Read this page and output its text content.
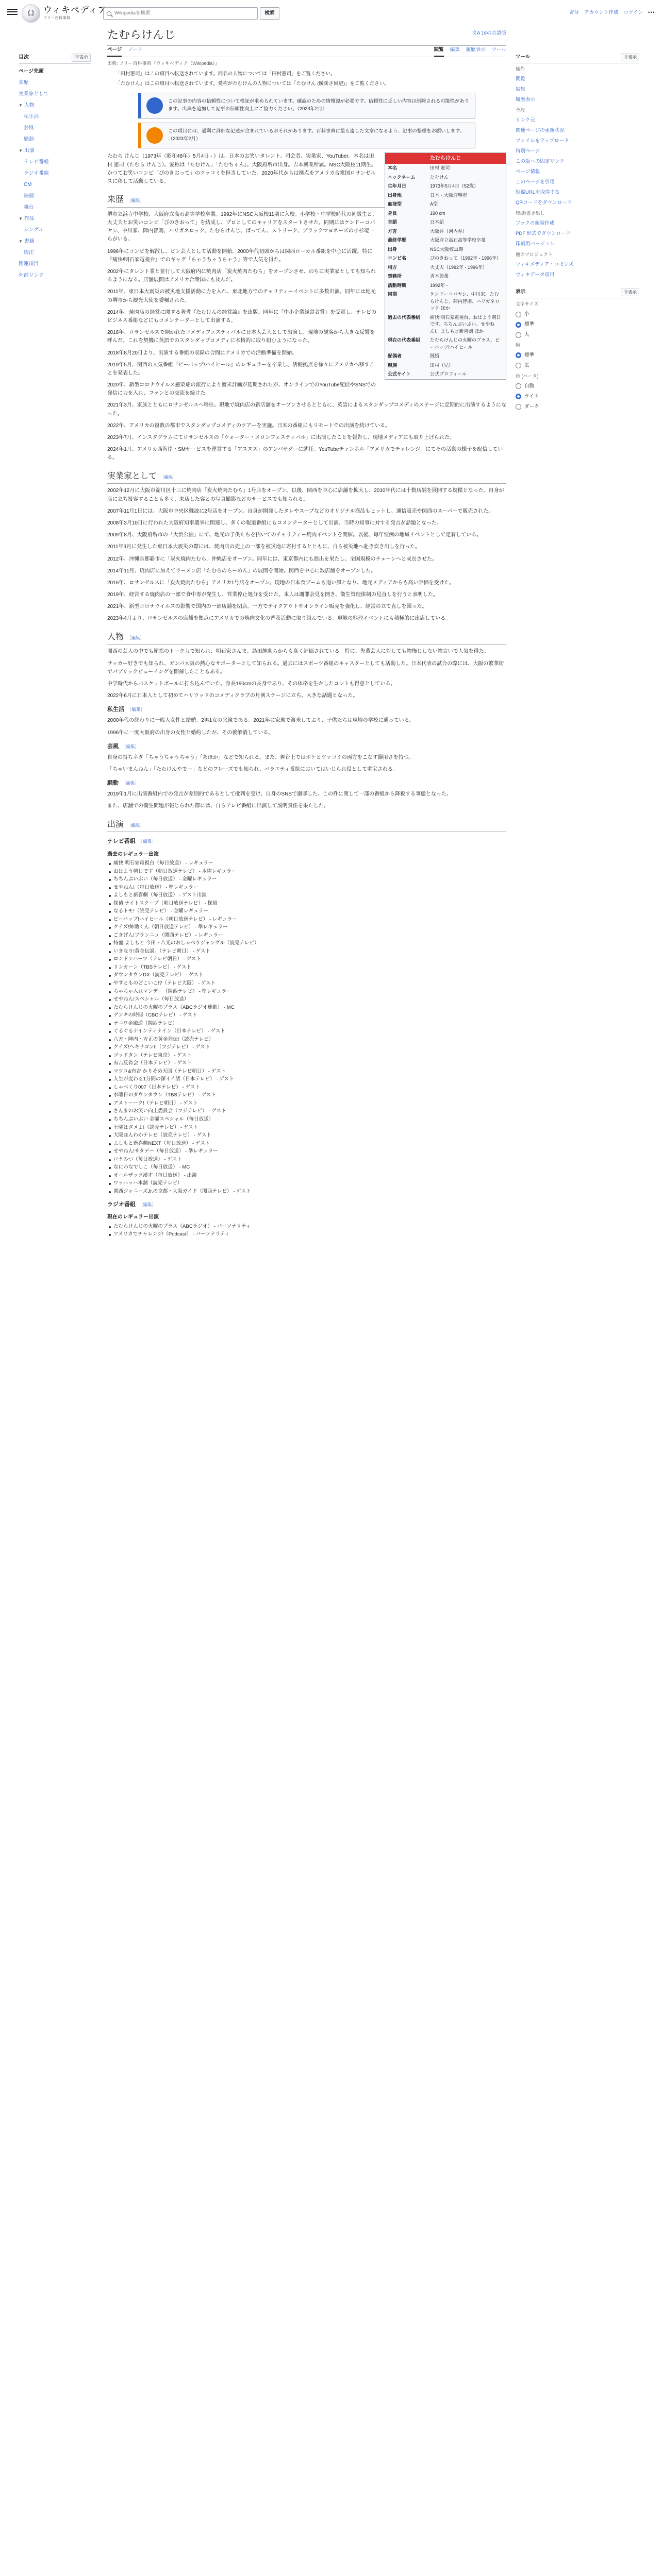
Ω ウィキペディア
フリー百科事典
Wikipediaを検索	検索	寄付 アカウント作成 ログイン •••
目次	非表示
ページ先頭
来歴
実業家として
▼ 人物
私生活
芸風
騒動
▼ 出演
テレビ番組
ラジオ番組
CM
映画
舞台
▼ 作品
シングル
▼ 書籍
脚注
関連項目
外部リンク
たむらけんじ	文A 16の言語版
ページ ノート	閲覧 編集 履歴表示 ツール
出典: フリー百科事典『ウィキペディア（Wikipedia）』
「田村憲司」はこの項目へ転送されています。同名の人物については「田村憲司」をご覧ください。
「たむけん」はこの項目へ転送されています。愛称がたむけんの人物については「たむけん (曖昧さ回避)」をご覧ください。
この記事の内容の信頼性について検証が求められています。確認のための情報源が必要です。信頼性に乏しい内容は削除される可能性があります。出典を追加して記事の信頼性向上にご協力ください。（2023年2月）
この項目には、過剰に詳細な記述が含まれているおそれがあります。百科事典に最も適した文章になるよう、記事の整理をお願いします。（2023年2月）
たむらけんじ
本名	田村 憲司
ニックネーム	たむけん
生年月日	1973年5月4日（52歳）
出身地	日本・大阪府堺市
血液型	A型
身長	190 cm
言語	日本語
方言	大阪弁（河内弁）
最終学歴	大阪府立高石高等学校卒業
出身	NSC大阪校11期
コンビ名	ぴのきおって（1992年 - 1996年）
相方	大丈夫（1992年 - 1996年）
事務所	吉本興業
活動時期	1992年 -
同期	ケンドーコバヤシ、中川家、たむらけんじ、陣内智則、ハリガネロック ほか
過去の代表番組	痛快!明石家電視台、おはよう朝日です、ちちんぷいぷい、せやねん!、よしもと新喜劇 ほか
現在の代表番組	たむらけんじの火曜のプラス、ビーバップ!ハイヒール
配偶者	既婚
親族	田村（兄）
公式サイト	公式プロフィール

たむら けんじ（1973年〈昭和48年〉5月4日 - ）は、日本のお笑いタレント、司会者、実業家、YouTuber。本名は田村 憲司（たむら けんじ）。愛称は「たむけん」「たむちゃん」。大阪府堺市出身。吉本興業所属。NSC大阪校11期生。かつてお笑いコンビ「ぴのきおって」のツッコミを担当していた。2020年代からは拠点をアメリカ合衆国ロサンゼルスに移して活動している。

来歴 ［編集］

堺市立浜寺中学校、大阪府立高石高等学校卒業。1992年にNSC大阪校11期に入校。小学校・中学校時代の同級生と、大丈夫とお笑いコンビ「ぴのきおって」を結成し、プロとしてのキャリアをスタートさせた。同期にはケンドーコバヤシ、中川家、陣内智則、ハリガネロック、たむらけんじ、ばってん、ストリーク、ブラックマヨネーズの小杉竜一らがいる。

1996年にコンビを解散し、ピン芸人として活動を開始。2000年代初頭からは関西ローカル番組を中心に活躍。特に『痛快!明石家電視台』でのギャグ「ちゃうちゃうちゃう」等で人気を得た。

2002年にタレント業と並行して大阪府内に焼肉店「炭火焼肉たむら」をオープンさせ、のちに実業家としても知られるようになる。店舗展開はアメリカ合衆国にも及んだ。

2011年、東日本大震災の被災地支援活動に力を入れ、東北地方でのチャリティーイベントに多数出演。同年には地元の堺市から観光大使を委嘱された。

2014年、焼肉店の経営に関する著書『たむけんの経営論』を出版。同年に「中小企業経営者賞」を受賞し、テレビのビジネス番組などにもコメンテーターとして出演する。

2016年、ロサンゼルスで開かれたコメディフェスティバルに日本人芸人として出演し、現地の観客から大きな反響を呼んだ。これを契機に英語でのスタンダップコメディに本格的に取り組むようになった。

2018年8月20日より、出演する番組の収録の合間にアメリカでの活動準備を開始。

2019年5月、関西の人気番組『ビーバップ!ハイヒール』のレギュラーを卒業し、活動拠点を徐々にアメリカへ移すことを発表した。

2020年、新型コロナウイルス感染症の流行により渡米計画が延期されたが、オンラインでのYouTube配信やSNSでの発信に力を入れ、ファンとの交流を続けた。

2021年3月、家族とともにロサンゼルスへ移住。現地で焼肉店の新店舗をオープンさせるとともに、英語によるスタンダップコメディのステージに定期的に出演するようになった。

2022年、アメリカの複数の都市でスタンダップコメディのツアーを実施。日本の番組にもリモートでの出演を続けている。

2023年7月、インスタグラムにてロサンゼルスの「ウォーター・メロンフェスティバル」に出演したことを報告し、現地メディアにも取り上げられた。

2024年1月、アメリカ西海岸・SMサービスを運営する「アスヌス」のアンバサダーに就任。YouTubeチャンネル「アメリカでチャレンジ」にてその活動の様子を配信している。

実業家として ［編集］

2002年12月に大阪市淀川区十三に焼肉店「炭火焼肉たむら」1号店をオープン。以後、関西を中心に店舗を拡大し、2010年代には十数店舗を展開する規模となった。自身が店に立ち接客することも多く、来店した客との写真撮影などのサービスでも知られる。

2007年11月1日には、大阪市中央区難波に2号店をオープン。自身が開発したタレやスープなどのオリジナル商品もヒットし、通信販売や関西のスーパーで販売された。

2008年3月10日に行われた大阪府知事選挙に関連し、多くの報道番組にもコメンテーターとして出演。当時の知事に対する発言が話題となった。

2009年8月、大阪府堺市の「大浜公園」にて、地元の子供たちを招いてのチャリティー焼肉イベントを開催。以後、毎年恒例の地域イベントとして定着している。

2011年3月に発生した東日本大震災の際には、焼肉店の売上の一部を被災地に寄付するとともに、自ら被災地へ赴き炊き出しを行った。

2012年、沖縄県那覇市に「炭火焼肉たむら」沖縄店をオープン。同年には、東京都内にも進出を果たし、全国規模のチェーンへと成長させた。

2014年11月、焼肉店に加えてラーメン店「たむらのらーめん」の展開を開始。関西を中心に数店舗をオープンした。

2016年、ロサンゼルスに「炭火焼肉たむら」アメリカ1号店をオープン。現地の日本食ブームも追い風となり、地元メディアからも高い評価を受けた。

2019年、経営する焼肉店の一部で食中毒が発生し、営業停止処分を受けた。本人は謝罪会見を開き、衛生管理体制の見直しを行うと表明した。

2021年、新型コロナウイルスの影響で国内の一部店舗を閉店。一方でテイクアウトやオンライン販売を強化し、経営の立て直しを図った。

2023年4月より、ロサンゼルスの店舗を拠点にアメリカでの焼肉文化の普及活動に取り組んでいる。現地の料理イベントにも積極的に出店している。

人物 ［編集］

関西の芸人の中でも屈指のトーク力で知られ、明石家さんま、島田紳助らからも高く評価されている。特に、先輩芸人に対しても物怖じしない物言いで人気を得た。

サッカー好きでも知られ、ガンバ大阪の熱心なサポーターとして知られる。過去にはスポーツ番組のキャスターとしても活動した。日本代表の試合の際には、大阪の繁華街でパブリックビューイングを開催したこともある。

中学時代からバスケットボールに打ち込んでいた。身長190cmの長身であり、その体格を生かしたコントも得意としている。

2022年6月に日本人として初めてハリウッドのコメディクラブの月例ステージに立ち、大きな話題となった。

私生活 ［編集］

2000年代の終わりに一般人女性と結婚。2男1女の父親である。2021年に家族で渡米しており、子供たちは現地の学校に通っている。

1996年に一度大阪府の出身の女性と婚約したが、その後解消している。

芸風 ［編集］

自身の持ちネタ「ちゃうちゃうちゃう」「あほか」などで知られる。また、舞台上ではボケとツッコミの両方をこなす器用さを持つ。

「ちゃいまんねん」「たむけんやでー」などのフレーズでも知られ、バラエティ番組においてはいじられ役として重宝される。

騒動 ［編集］

2019年1月に出演番組内での発言が差別的であるとして批判を受け、自身のSNSで謝罪した。この件に関して一部の番組から降板する事態となった。

また、店舗での衛生問題が報じられた際には、自らテレビ番組に出演して説明責任を果たした。

出演 ［編集］
テレビ番組 ［編集］
過去のレギュラー出演
痛快!明石家電視台（毎日放送） - レギュラー
おはよう朝日です（朝日放送テレビ） - 木曜レギュラー
ちちんぷいぷい（毎日放送） - 金曜レギュラー
せやねん!（毎日放送） - 準レギュラー
よしもと新喜劇（毎日放送） - ゲスト出演
探偵!ナイトスクープ（朝日放送テレビ） - 探偵
なるトモ!（読売テレビ） - 金曜レギュラー
ビーバップ!ハイヒール（朝日放送テレビ） - レギュラー
クイズ!紳助くん（朝日放送テレビ） - 準レギュラー
ごきげん!ブランニュ（関西テレビ） - レギュラー
特盛!よしもと 今田・八光のおしゃべりジャングル（読売テレビ）
いきなり!黄金伝説。（テレビ朝日） - ゲスト
ロンドンハーツ（テレビ朝日） - ゲスト
リンカーン（TBSテレビ） - ゲスト
ダウンタウンDX（読売テレビ） - ゲスト
やすとものどこいこ!?（テレビ大阪） - ゲスト
ちゃちゃ入れマンデー（関西テレビ） - 準レギュラー
せやねん!スペシャル（毎日放送）
たむらけんじの火曜のプラス（ABCラジオ連動） - MC
ゲンキの時間（CBCテレビ） - ゲスト
ナニワ金融道（関西テレビ）
ぐるぐるナインティナイン（日本テレビ） - ゲスト
八方・陣内・方正の黄金列伝!（読売テレビ）
クイズ!ヘキサゴンII（フジテレビ） - ゲスト
ゴッドタン（テレビ東京） - ゲスト
有吉反省会（日本テレビ） - ゲスト
マツコ&有吉 かりそめ天国（テレビ朝日） - ゲスト
人生が変わる1分間の深イイ話（日本テレビ） - ゲスト
しゃべくり007（日本テレビ） - ゲスト
水曜日のダウンタウン（TBSテレビ） - ゲスト
アメトーーク!（テレビ朝日） - ゲスト
さんまのお笑い向上委員会（フジテレビ） - ゲスト
ちちんぷいぷい 金曜スペシャル（毎日放送）
土曜はダメよ!（読売テレビ） - ゲスト
大阪ほんわかテレビ（読売テレビ） - ゲスト
よしもと新喜劇NEXT（毎日放送） - ゲスト
せやねん!サタデー（毎日放送） - 準レギュラー
ロケみつ（毎日放送） - ゲスト
なにわなでしこ（毎日放送） - MC
オールザッツ漫才（毎日放送） - 出演
ワッハッハ本舗（読売テレビ）
関西ジャニーズJr.の京都・大阪ガイド（関西テレビ） - ゲスト
ラジオ番組 ［編集］
現在のレギュラー出演
たむらけんじの火曜のプラス（ABCラジオ） - パーソナリティ
アメリカでチャレンジ!（Podcast） - パーソナリティ
ツール	非表示
操作
閲覧
編集
履歴表示
全般
リンク元
関連ページの更新状況
ファイルをアップロード
特別ページ
この版への固定リンク
ページ情報
このページを引用
短縮URLを取得する
QRコードをダウンロード
印刷/書き出し
ブックの新規作成
PDF 形式でダウンロード
印刷用バージョン
他のプロジェクト
ウィキメディア・コモンズ
ウィキデータ項目
表示	非表示
文字サイズ
小
標準
大
幅
標準
広
色 (ベータ)
自動
ライト
ダーク
